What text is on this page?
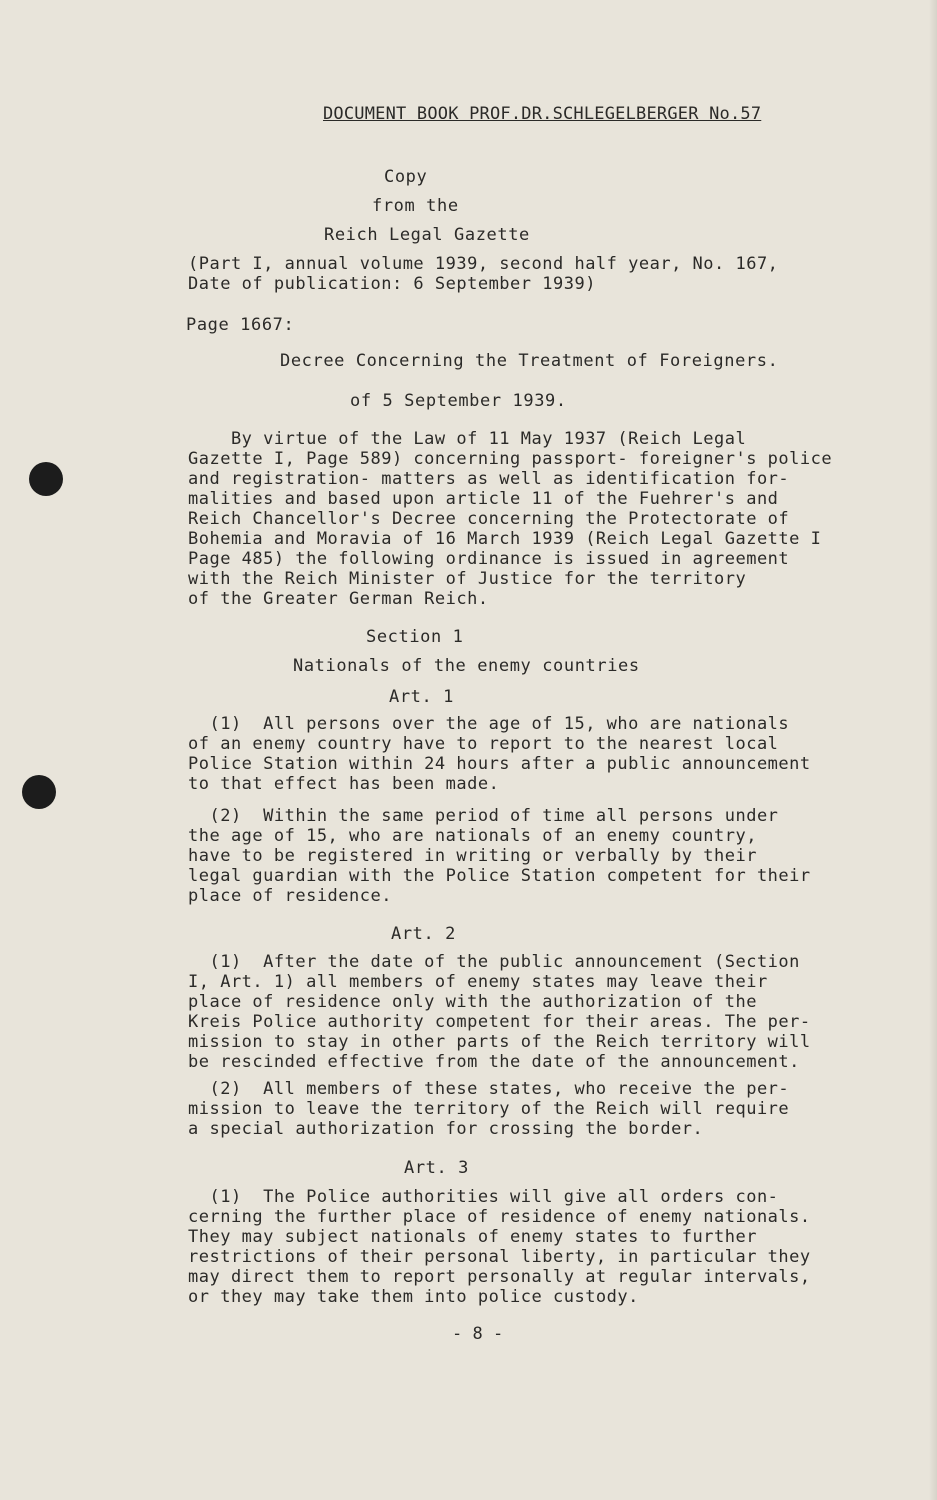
DOCUMENT BOOK PROF.DR.SCHLEGELBERGER No.57
Copy
from the
Reich Legal Gazette
(Part I, annual volume 1939, second half year, No. 167,
Date of publication: 6 September 1939)
Page 1667:
Decree Concerning the Treatment of Foreigners.
of 5 September 1939.
By virtue of the Law of 11 May 1937 (Reich Legal
Gazette I, Page 589) concerning passport- foreigner's police
and registration- matters as well as identification for-
malities and based upon article 11 of the Fuehrer's and
Reich Chancellor's Decree concerning the Protectorate of
Bohemia and Moravia of 16 March 1939 (Reich Legal Gazette I
Page 485) the following ordinance is issued in agreement
with the Reich Minister of Justice for the territory
of the Greater German Reich.
Section 1
Nationals of the enemy countries
Art. 1
(1)  All persons over the age of 15, who are nationals
of an enemy country have to report to the nearest local
Police Station within 24 hours after a public announcement
to that effect has been made.
(2)  Within the same period of time all persons under
the age of 15, who are nationals of an enemy country,
have to be registered in writing or verbally by their
legal guardian with the Police Station competent for their
place of residence.
Art. 2
(1)  After the date of the public announcement (Section
I, Art. 1) all members of enemy states may leave their
place of residence only with the authorization of the
Kreis Police authority competent for their areas. The per-
mission to stay in other parts of the Reich territory will
be rescinded effective from the date of the announcement.
(2)  All members of these states, who receive the per-
mission to leave the territory of the Reich will require
a special authorization for crossing the border.
Art. 3
(1)  The Police authorities will give all orders con-
cerning the further place of residence of enemy nationals.
They may subject nationals of enemy states to further
restrictions of their personal liberty, in particular they
may direct them to report personally at regular intervals,
or they may take them into police custody.
- 8 -
